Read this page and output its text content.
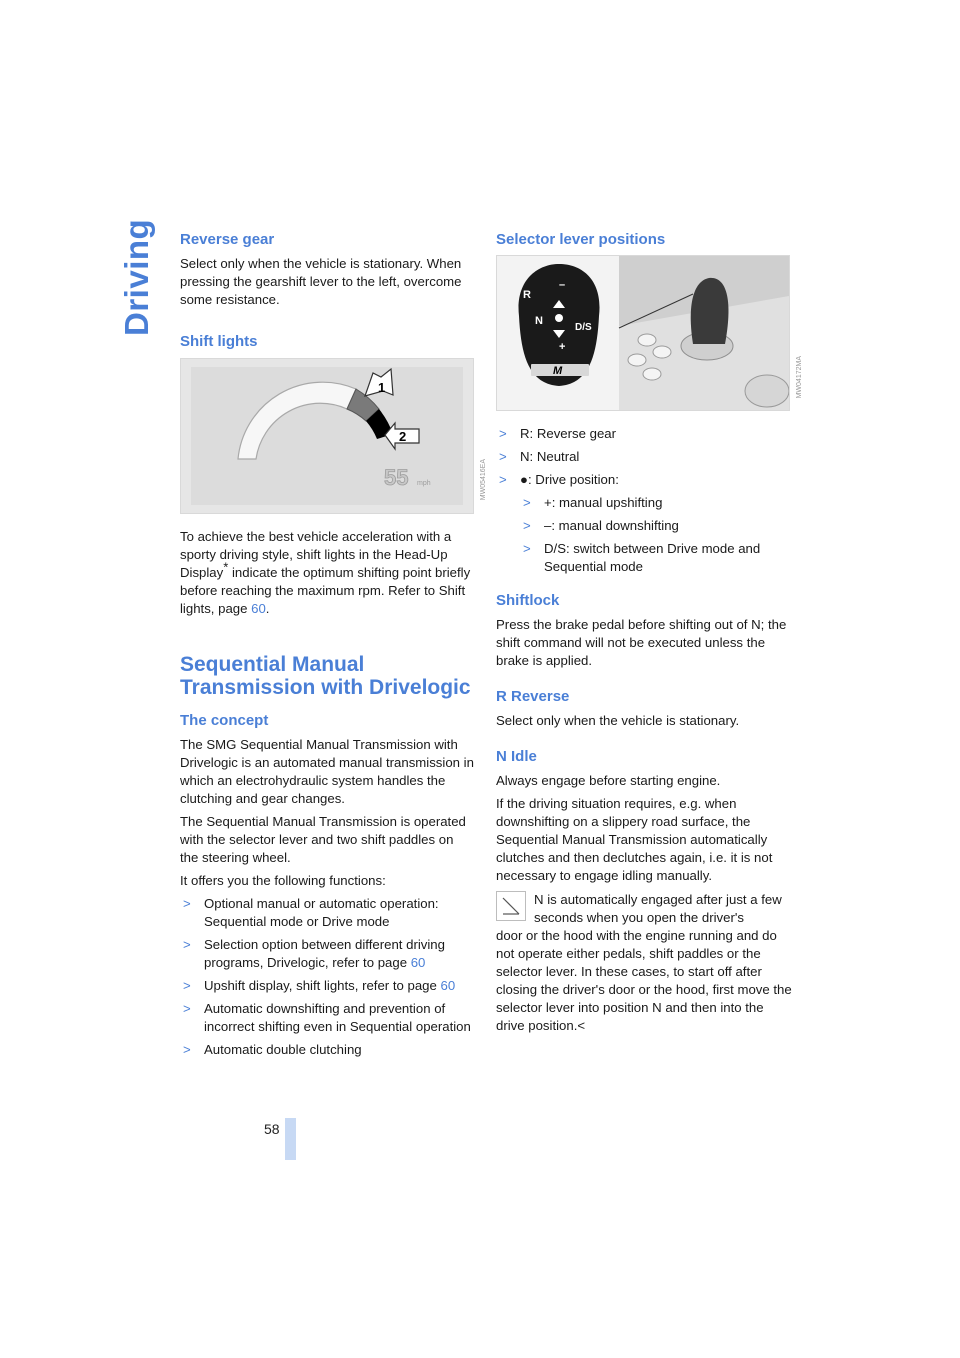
Driving Reverse gear

Select only when the vehicle is stationary. When pressing the gearshift lever to the left, overcome some resistance.

Shift lights
1
2
55 mph	MW05416EA

To achieve the best vehicle acceleration with a sporty driving style, shift lights in the Head-Up Display* indicate the optimum shifting point briefly before reaching the maximum rpm. Refer to Shift lights, page 60.

Sequential Manual Transmission with Drivelogic
The concept

The SMG Sequential Manual Transmission with Drivelogic is an automated manual transmission in which an electrohydraulic system handles the clutching and gear changes.

The Sequential Manual Transmission is operated with the selector lever and two shift paddles on the steering wheel.

It offers you the following functions:

> Optional manual or automatic operation: Sequential mode or Drive mode
> Selection option between different driving programs, Drivelogic, refer to page 60
> Upshift display, shift lights, refer to page 60
> Automatic downshifting and prevention of incorrect shifting even in Sequential operation
> Automatic double clutching
Selector lever positions
R
N
D/S
–
+
M	MW04172MA
> R: Reverse gear
> N: Neutral
> ●: Drive position:
> +: manual upshifting
> –: manual downshifting
> D/S: switch between Drive mode and Sequential mode
Shiftlock

Press the brake pedal before shifting out of N; the shift command will not be executed unless the brake is applied.

R Reverse

Select only when the vehicle is stationary.

N Idle

Always engage before starting engine.

If the driving situation requires, e.g. when downshifting on a slippery road surface, the Sequential Manual Transmission automatically clutches and then declutches again, i.e. it is not necessary to engage idling manually.

N is automatically engaged after just a few seconds when you open the driver's

door or the hood with the engine running and do not operate either pedals, shift paddles or the selector lever. In these cases, to start off after closing the driver's door or the hood, first move the selector lever into position N and then into the drive position.<

58
